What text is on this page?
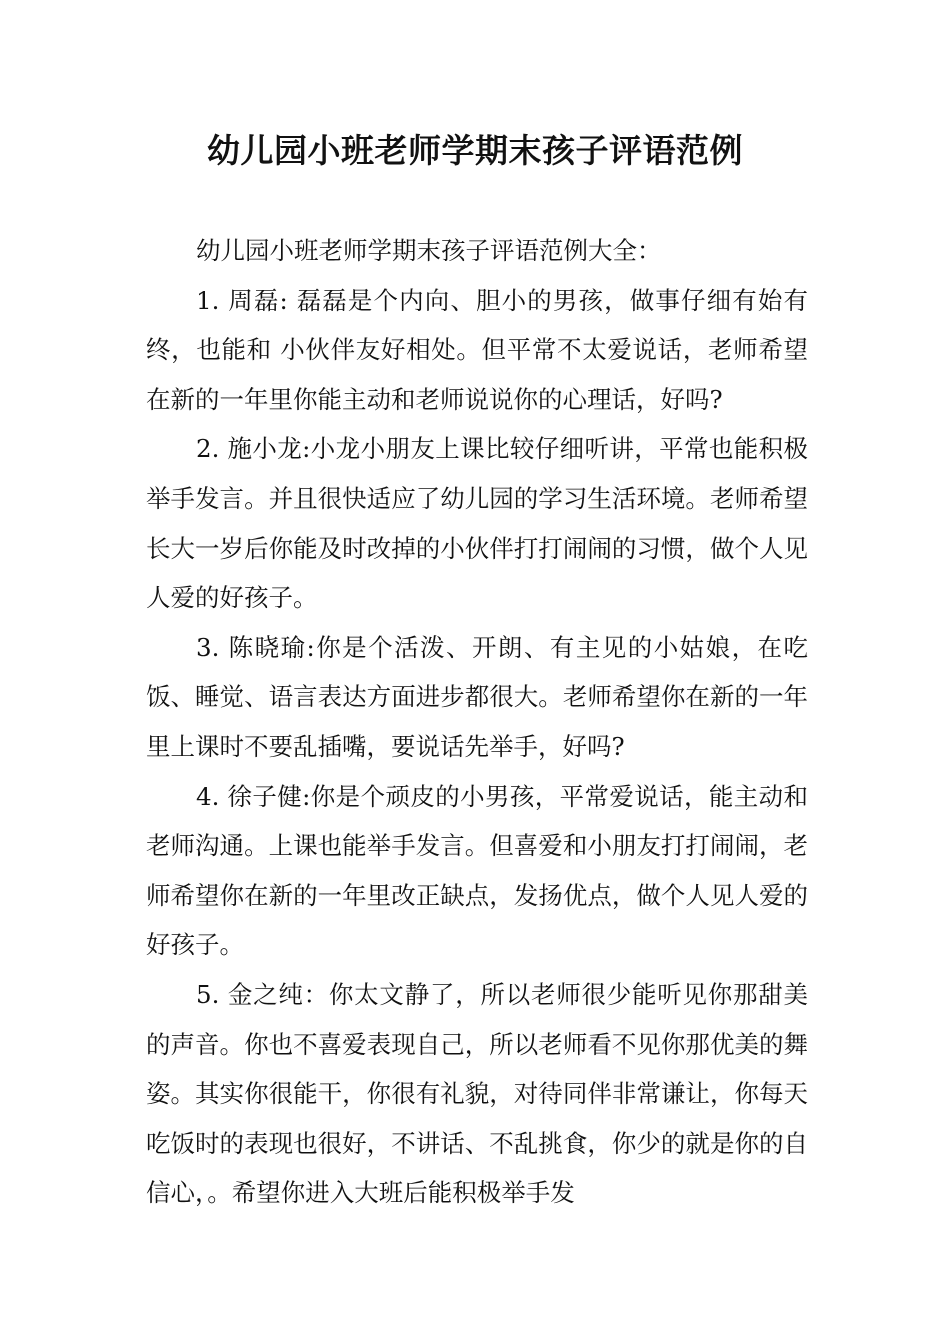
幼儿园小班老师学期末孩子评语范例

幼儿园小班老师学期末孩子评语范例大全：

1. 周磊: 磊磊是个内向、胆小的男孩，做事仔细有始有终，也能和 小伙伴友好相处。但平常不太爱说话，老师希望在新的一年里你能主动和老师说说你的心理话，好吗?

2. 施小龙:小龙小朋友上课比较仔细听讲，平常也能积极举手发言。并且很快适应了幼儿园的学习生活环境。老师希望长大一岁后你能及时改掉的小伙伴打打闹闹的习惯，做个人见人爱的好孩子。

3. 陈晓瑜:你是个活泼、开朗、有主见的小姑娘，在吃饭、睡觉、语言表达方面进步都很大。老师希望你在新的一年里上课时不要乱插嘴，要说话先举手，好吗?

4. 徐子健:你是个顽皮的小男孩，平常爱说话，能主动和老师沟通。上课也能举手发言。但喜爱和小朋友打打闹闹，老师希望你在新的一年里改正缺点，发扬优点，做个人见人爱的好孩子。

5. 金之纯：你太文静了，所以老师很少能听见你那甜美的声音。你也不喜爱表现自己，所以老师看不见你那优美的舞姿。其实你很能干，你很有礼貌，对待同伴非常谦让，你每天吃饭时的表现也很好，不讲话、不乱挑食，你少的就是你的自信心，。希望你进入大班后能积极举手发
